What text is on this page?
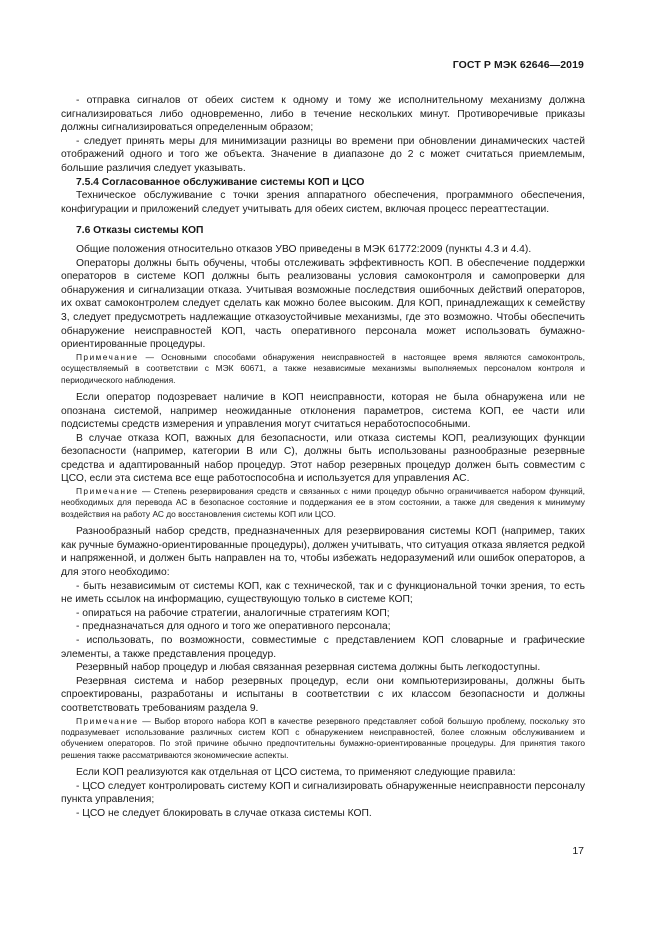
ГОСТ Р МЭК 62646—2019

- отправка сигналов от обеих систем к одному и тому же исполнительному механизму должна сигнализироваться либо одновременно, либо в течение нескольких минут. Противоречивые приказы должны сигнализироваться определенным образом;

- следует принять меры для минимизации разницы во времени при обновлении динамических частей отображений одного и того же объекта. Значение в диапазоне до 2 с может считаться приемлемым, большие различия следует указывать.

7.5.4 Согласованное обслуживание системы КОП и ЦСО

Техническое обслуживание с точки зрения аппаратного обеспечения, программного обеспечения, конфигурации и приложений следует учитывать для обеих систем, включая процесс переаттестации.

7.6 Отказы системы КОП

Общие положения относительно отказов УВО приведены в МЭК 61772:2009 (пункты 4.3 и 4.4).

Операторы должны быть обучены, чтобы отслеживать эффективность КОП. В обеспечение поддержки операторов в системе КОП должны быть реализованы условия самоконтроля и самопроверки для обнаружения и сигнализации отказа. Учитывая возможные последствия ошибочных действий операторов, их охват самоконтролем следует сделать как можно более высоким. Для КОП, принадлежащих к семейству 3, следует предусмотреть надлежащие отказоустойчивые механизмы, где это возможно. Чтобы обеспечить обнаружение неисправностей КОП, часть оперативного персонала может использовать бумажно-ориентированные процедуры.

Примечание — Основными способами обнаружения неисправностей в настоящее время являются самоконтроль, осуществляемый в соответствии с МЭК 60671, а также независимые механизмы выполняемых персоналом контроля и периодического наблюдения.

Если оператор подозревает наличие в КОП неисправности, которая не была обнаружена или не опознана системой, например неожиданные отклонения параметров, система КОП, ее части или подсистемы средств измерения и управления могут считаться неработоспособными.

В случае отказа КОП, важных для безопасности, или отказа системы КОП, реализующих функции безопасности (например, категории В или С), должны быть использованы разнообразные резервные средства и адаптированный набор процедур. Этот набор резервных процедур должен быть совместим с ЦСО, если эта система все еще работоспособна и используется для управления АС.

Примечание — Степень резервирования средств и связанных с ними процедур обычно ограничивается набором функций, необходимых для перевода АС в безопасное состояние и поддержания ее в этом состоянии, а также для сведения к минимуму воздействия на работу АС до восстановления системы КОП или ЦСО.

Разнообразный набор средств, предназначенных для резервирования системы КОП (например, таких как ручные бумажно-ориентированные процедуры), должен учитывать, что ситуация отказа является редкой и напряженной, и должен быть направлен на то, чтобы избежать недоразумений или ошибок операторов, а для этого необходимо:

- быть независимым от системы КОП, как с технической, так и с функциональной точки зрения, то есть не иметь ссылок на информацию, существующую только в системе КОП;

- опираться на рабочие стратегии, аналогичные стратегиям КОП;

- предназначаться для одного и того же оперативного персонала;

- использовать, по возможности, совместимые с представлением КОП словарные и графические элементы, а также представления процедур.

Резервный набор процедур и любая связанная резервная система должны быть легкодоступны.

Резервная система и набор резервных процедур, если они компьютеризированы, должны быть спроектированы, разработаны и испытаны в соответствии с их классом безопасности и должны соответствовать требованиям раздела 9.

Примечание — Выбор второго набора КОП в качестве резервного представляет собой большую проблему, поскольку это подразумевает использование различных систем КОП с обнаружением неисправностей, более сложным обслуживанием и обучением операторов. По этой причине обычно предпочтительны бумажно-ориентированные процедуры. Для принятия такого решения также рассматриваются экономические аспекты.

Если КОП реализуются как отдельная от ЦСО система, то применяют следующие правила:

- ЦСО следует контролировать систему КОП и сигнализировать обнаруженные неисправности персоналу пункта управления;

- ЦСО не следует блокировать в случае отказа системы КОП.

17
